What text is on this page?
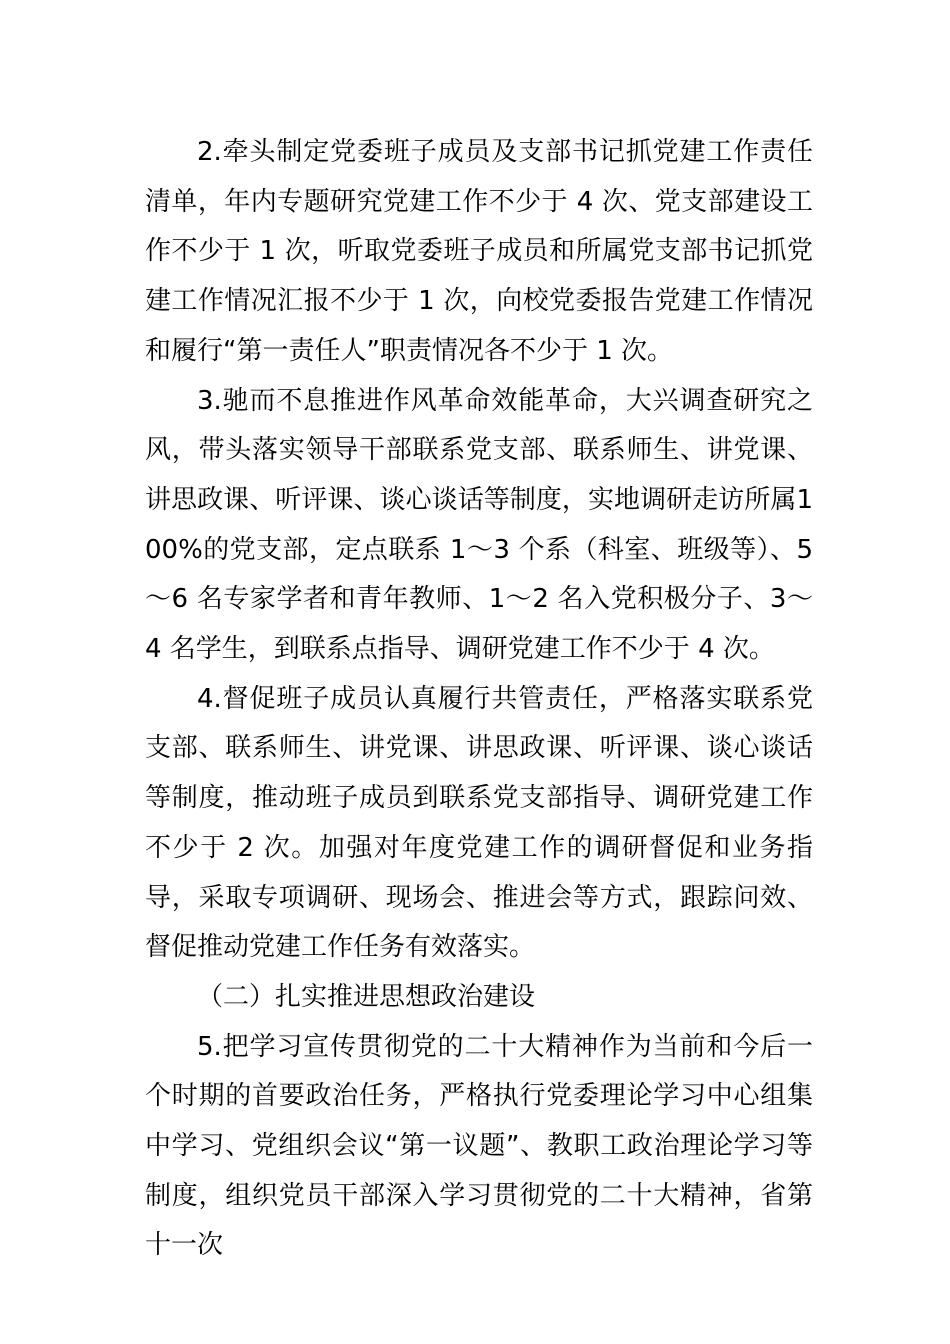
2.牵头制定党委班子成员及支部书记抓党建工作责任清单，年内专题研究党建工作不少于 4 次、党支部建设工作不少于 1 次，听取党委班子成员和所属党支部书记抓党建工作情况汇报不少于 1 次，向校党委报告党建工作情况和履行“第一责任人”职责情况各不少于 1 次。

3.驰而不息推进作风革命效能革命，大兴调查研究之风，带头落实领导干部联系党支部、联系师生、讲党课、讲思政课、听评课、谈心谈话等制度，实地调研走访所属100%的党支部，定点联系 1～3 个系（科室、班级等）、5～6 名专家学者和青年教师、1～2 名入党积极分子、3～4 名学生，到联系点指导、调研党建工作不少于 4 次。

4.督促班子成员认真履行共管责任，严格落实联系党支部、联系师生、讲党课、讲思政课、听评课、谈心谈话等制度，推动班子成员到联系党支部指导、调研党建工作不少于 2 次。加强对年度党建工作的调研督促和业务指导，采取专项调研、现场会、推进会等方式，跟踪问效、督促推动党建工作任务有效落实。

（二）扎实推进思想政治建设

5.把学习宣传贯彻党的二十大精神作为当前和今后一个时期的首要政治任务，严格执行党委理论学习中心组集中学习、党组织会议“第一议题”、教职工政治理论学习等制度，组织党员干部深入学习贯彻党的二十大精神，省第十一次
